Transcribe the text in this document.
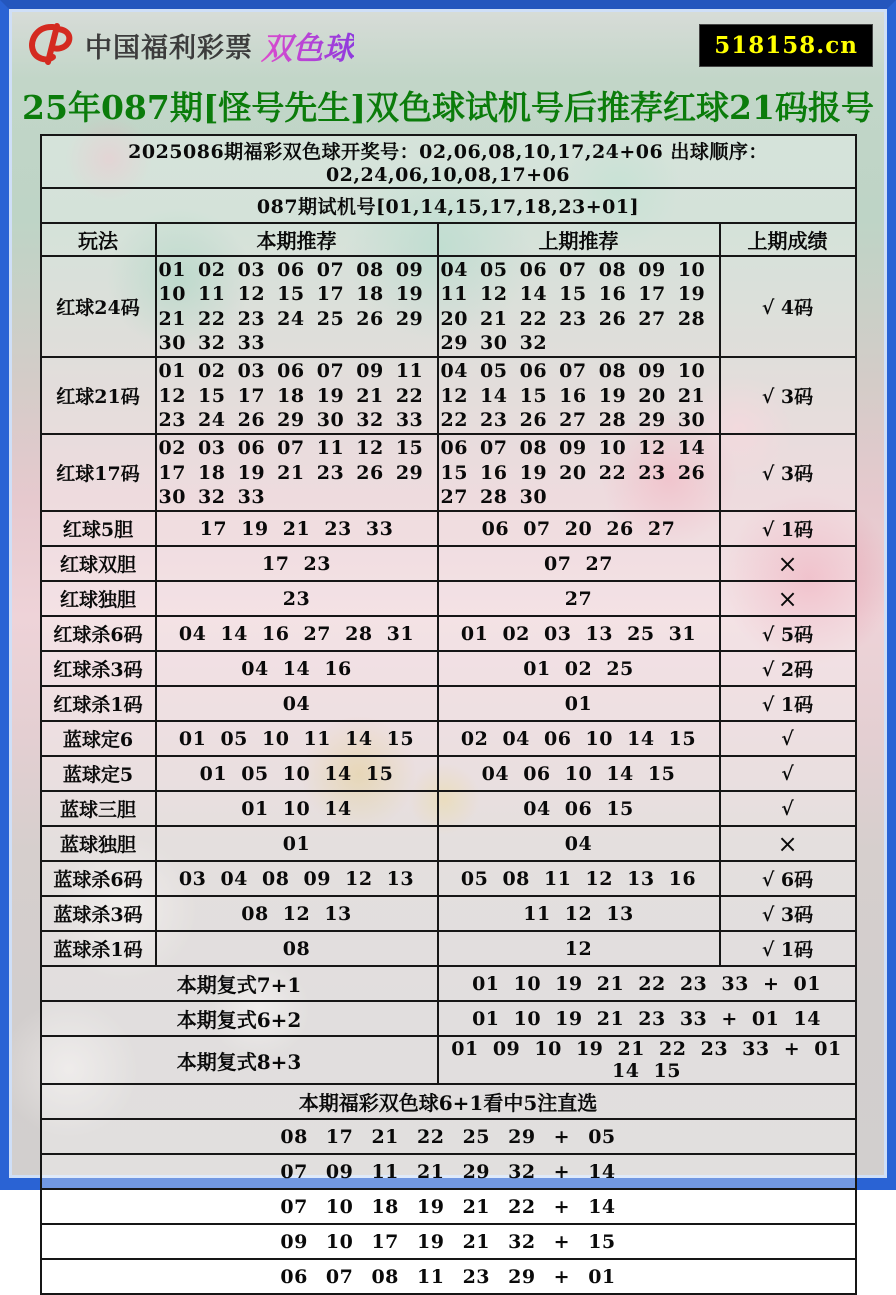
中国福利彩票 双色球	518158.cn
25年087期[怪号先生]双色球试机号后推荐红球21码报号
2025086期福彩双色球开奖号：02,06,08,10,17,24+06 出球顺序：02,24,06,10,08,17+06			
087期试机号[01,14,15,17,18,23+01]			
玩法	本期推荐	上期推荐	上期成绩
红球24码	01 02 03 06 07 08 09 10 11 12 15 17 18 19 21 22 23 24 25 26 29 30 32 33	04 05 06 07 08 09 10 11 12 14 15 16 17 19 20 21 22 23 26 27 28 29 30 32	√ 4码
红球21码	01 02 03 06 07 09 11 12 15 17 18 19 21 22 23 24 26 29 30 32 33	04 05 06 07 08 09 10 12 14 15 16 19 20 21 22 23 26 27 28 29 30	√ 3码
红球17码	02 03 06 07 11 12 15 17 18 19 21 23 26 29 30 32 33	06 07 08 09 10 12 14 15 16 19 20 22 23 26 27 28 30	√ 3码
红球5胆	17 19 21 23 33	06 07 20 26 27	√ 1码
红球双胆	17 23	07 27	×
红球独胆	23	27	×
红球杀6码	04 14 16 27 28 31	01 02 03 13 25 31	√ 5码
红球杀3码	04 14 16	01 02 25	√ 2码
红球杀1码	04	01	√ 1码
蓝球定6	01 05 10 11 14 15	02 04 06 10 14 15	√
蓝球定5	01 05 10 14 15	04 06 10 14 15	√
蓝球三胆	01 10 14	04 06 15	√
蓝球独胆	01	04	×
蓝球杀6码	03 04 08 09 12 13	05 08 11 12 13 16	√ 6码
蓝球杀3码	08 12 13	11 12 13	√ 3码
蓝球杀1码	08	12	√ 1码
本期复式7+1		01 10 19 21 22 23 33 + 01	
本期复式6+2		01 10 19 21 23 33 + 01 14	
本期复式8+3		01 09 10 19 21 22 23 33 + 01 14 15	
本期福彩双色球6+1看中5注直选			
08 17 21 22 25 29 + 05			
07 09 11 21 29 32 + 14			
07 10 18 19 21 22 + 14			
09 10 17 19 21 32 + 15			
06 07 08 11 23 29 + 01			
